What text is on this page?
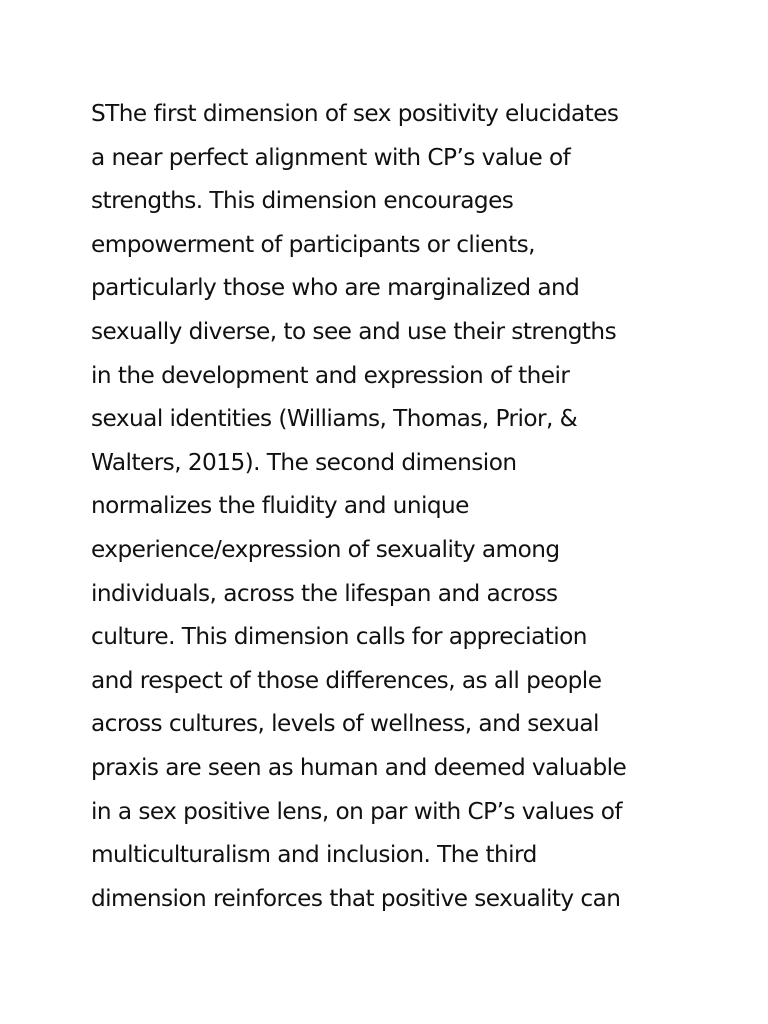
SThe first dimension of sex positivity elucidates
a near perfect alignment with CP’s value of
strengths. This dimension encourages
empowerment of participants or clients,
particularly those who are marginalized and
sexually diverse, to see and use their strengths
in the development and expression of their
sexual identities (Williams, Thomas, Prior, &
Walters, 2015). The second dimension
normalizes the fluidity and unique
experience/expression of sexuality among
individuals, across the lifespan and across
culture. This dimension calls for appreciation
and respect of those differences, as all people
across cultures, levels of wellness, and sexual
praxis are seen as human and deemed valuable
in a sex positive lens, on par with CP’s values of
multiculturalism and inclusion. The third
dimension reinforces that positive sexuality can
